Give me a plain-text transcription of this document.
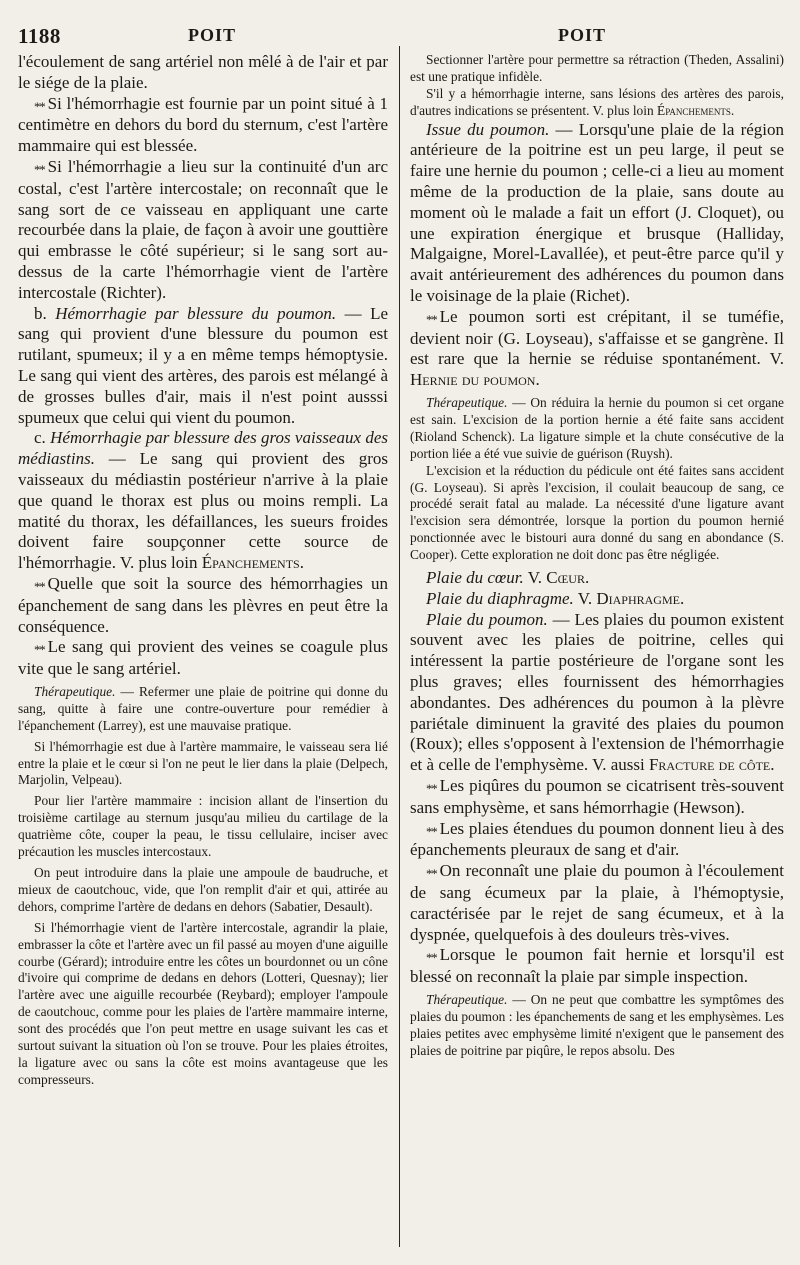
1188	POIT	POIT

l'écoulement de sang artériel non mêlé à de l'air et par le siége de la plaie.

* * Si l'hémorrhagie est fournie par un point situé à 1 centimètre en dehors du bord du sternum, c'est l'artère mammaire qui est blessée.

* * Si l'hémorrhagie a lieu sur la continuité d'un arc costal, c'est l'artère intercostale; on reconnaît que le sang sort de ce vaisseau en appliquant une carte recourbée dans la plaie, de façon à avoir une gouttière qui embrasse le côté supérieur; si le sang sort au-dessus de la carte l'hémorrhagie vient de l'artère intercostale (Richter).

b. Hémorrhagie par blessure du poumon. — Le sang qui provient d'une blessure du poumon est rutilant, spumeux; il y a en même temps hémoptysie. Le sang qui vient des artères, des parois est mélangé à de grosses bulles d'air, mais il n'est point ausssi spumeux que celui qui vient du poumon.

c. Hémorrhagie par blessure des gros vaisseaux des médiastins. — Le sang qui provient des gros vaisseaux du médiastin postérieur n'arrive à la plaie que quand le thorax est plus ou moins rempli. La matité du thorax, les défaillances, les sueurs froides doivent faire soupçonner cette source de l'hémorrhagie. V. plus loin Épanchements.

* * Quelle que soit la source des hémorrhagies un épanchement de sang dans les plèvres en peut être la conséquence.

* * Le sang qui provient des veines se coagule plus vite que le sang artériel.

Thérapeutique. — Refermer une plaie de poitrine qui donne du sang, quitte à faire une contre-ouverture pour remédier à l'épanchement (Larrey), est une mauvaise pratique.

Si l'hémorrhagie est due à l'artère mammaire, le vaisseau sera lié entre la plaie et le cœur si l'on ne peut le lier dans la plaie (Delpech, Marjolin, Velpeau).

Pour lier l'artère mammaire : incision allant de l'insertion du troisième cartilage au sternum jusqu'au milieu du cartilage de la quatrième côte, couper la peau, le tissu cellulaire, inciser avec précaution les muscles intercostaux.

On peut introduire dans la plaie une ampoule de baudruche, et mieux de caoutchouc, vide, que l'on remplit d'air et qui, attirée au dehors, comprime l'artère de dedans en dehors (Sabatier, Desault).

Si l'hémorrhagie vient de l'artère intercostale, agrandir la plaie, embrasser la côte et l'artère avec un fil passé au moyen d'une aiguille courbe (Gérard); introduire entre les côtes un bourdonnet ou un cône d'ivoire qui comprime de dedans en dehors (Lotteri, Quesnay); lier l'artère avec une aiguille recourbée (Reybard); employer l'ampoule de caoutchouc, comme pour les plaies de l'artère mammaire interne, sont des procédés que l'on peut mettre en usage suivant les cas et surtout suivant la situation où l'on se trouve. Pour les plaies étroites, la ligature avec ou sans la côte est moins avantageuse que les compresseurs.

Sectionner l'artère pour permettre sa rétraction (Theden, Assalini) est une pratique infidèle.

S'il y a hémorrhagie interne, sans lésions des artères des parois, d'autres indications se présentent. V. plus loin Épanchements.

Issue du poumon. — Lorsqu'une plaie de la région antérieure de la poitrine est un peu large, il peut se faire une hernie du poumon ; celle-ci a lieu au moment même de la production de la plaie, sans doute au moment où le malade a fait un effort (J. Cloquet), ou une expiration énergique et brusque (Halliday, Malgaigne, Morel-Lavallée), et peut-être parce qu'il y avait antérieurement des adhérences du poumon dans le voisinage de la plaie (Richet).

* * Le poumon sorti est crépitant, il se tuméfie, devient noir (G. Loyseau), s'affaisse et se gangrène. Il est rare que la hernie se réduise spontanément. V. Hernie du poumon.

Thérapeutique. — On réduira la hernie du poumon si cet organe est sain. L'excision de la portion hernie a été faite sans accident (Rioland Schenck). La ligature simple et la chute consécutive de la portion liée a été vue suivie de guérison (Ruysh).

L'excision et la réduction du pédicule ont été faites sans accident (G. Loyseau). Si après l'excision, il coulait beaucoup de sang, ce procédé serait fatal au malade. La nécessité d'une ligature avant l'excision sera démontrée, lorsque la portion du poumon hernié ponctionnée avec le bistouri aura donné du sang en abondance (S. Cooper). Cette exploration ne doit donc pas être négligée.

Plaie du cœur. V. Cœur.

Plaie du diaphragme. V. Diaphragme.

Plaie du poumon. — Les plaies du poumon existent souvent avec les plaies de poitrine, celles qui intéressent la partie postérieure de l'organe sont les plus graves; elles fournissent des hémorrhagies abondantes. Des adhérences du poumon à la plèvre pariétale diminuent la gravité des plaies du poumon (Roux); elles s'opposent à l'extension de l'hémorrhagie et à celle de l'emphysème. V. aussi Fracture de côte.

* * Les piqûres du poumon se cicatrisent très-souvent sans emphysème, et sans hémorrhagie (Hewson).

* * Les plaies étendues du poumon donnent lieu à des épanchements pleuraux de sang et d'air.

* * On reconnaît une plaie du poumon à l'écoulement de sang écumeux par la plaie, à l'hémoptysie, caractérisée par le rejet de sang écumeux, et à la dyspnée, quelquefois à des douleurs très-vives.

* * Lorsque le poumon fait hernie et lorsqu'il est blessé on reconnaît la plaie par simple inspection.

Thérapeutique. — On ne peut que combattre les symptômes des plaies du poumon : les épanchements de sang et les emphysèmes. Les plaies petites avec emphysème limité n'exigent que le pansement des plaies de poitrine par piqûre, le repos absolu. Des
